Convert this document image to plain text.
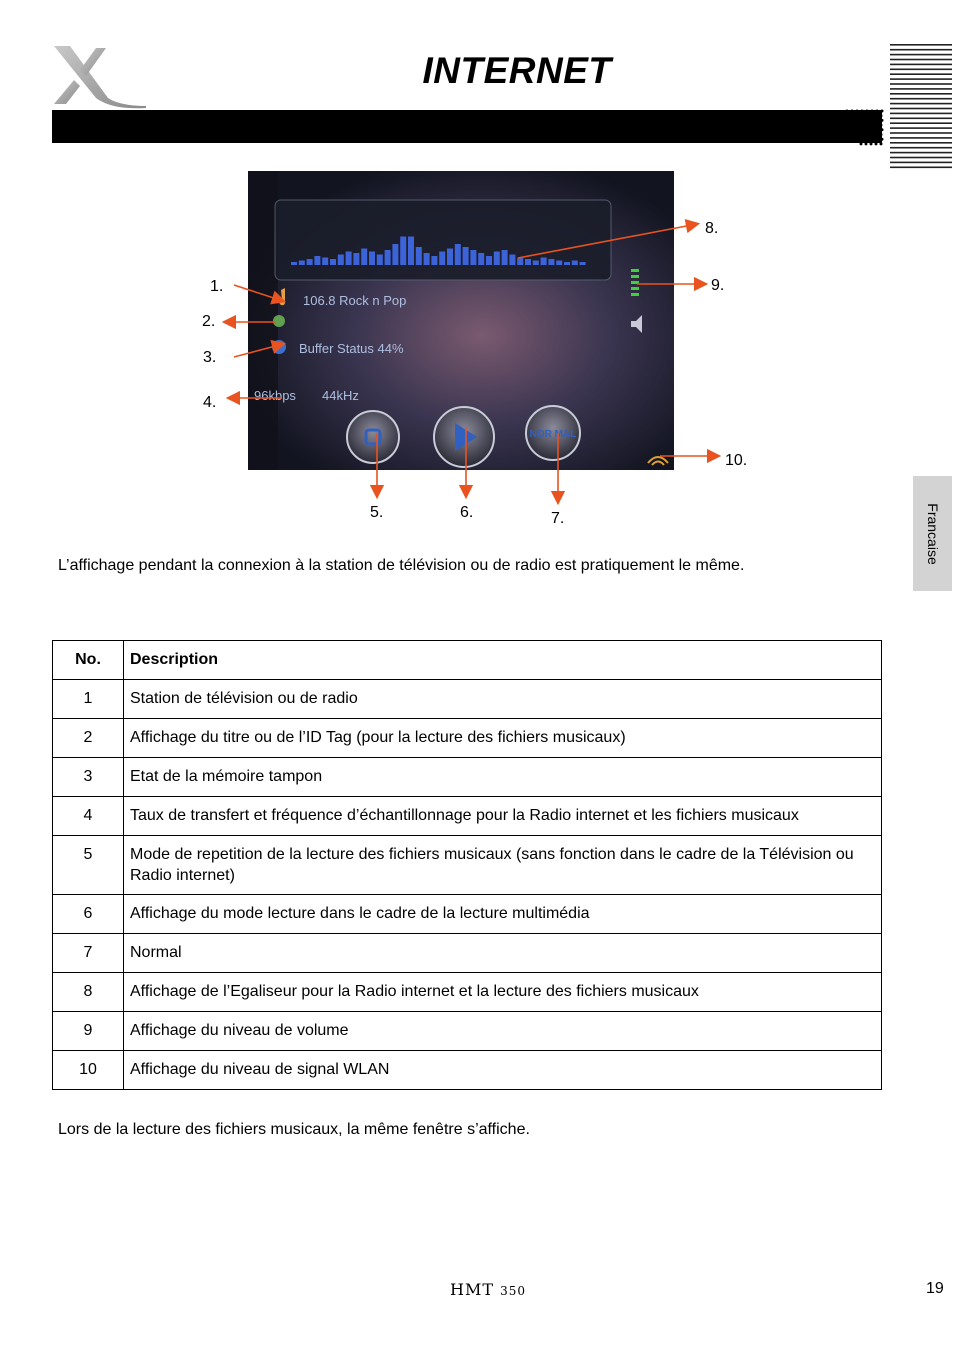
INTERNET
Francaise
106.8 Rock n Pop
Buffer Status 44%
96kbps 44kHz
NOR MAL
1.
2.
3.
4.
5.	6.	7.
8.
9.
10.
L’affichage pendant la connexion à la station de télévision ou de radio est pratiquement le même.
No.	Description
1	Station de télévision ou de radio
2	Affichage du titre ou de l’ID Tag (pour la lecture des fichiers musicaux)
3	Etat de la mémoire tampon
4	Taux de transfert et fréquence d’échantillonnage pour la Radio internet et les fichiers musicaux
5	Mode de repetition de la lecture des fichiers musicaux (sans fonction dans le cadre de la Télévision ou Radio internet)
6	Affichage du mode lecture dans le cadre de la lecture multimédia
7	Normal
8	Affichage de l’Egaliseur pour la Radio internet et la lecture des fichiers musicaux
9	Affichage du niveau de volume
10	Affichage du niveau de signal WLAN
Lors de la lecture des fichiers musicaux, la même fenêtre s’affiche.
HMT 350	19
